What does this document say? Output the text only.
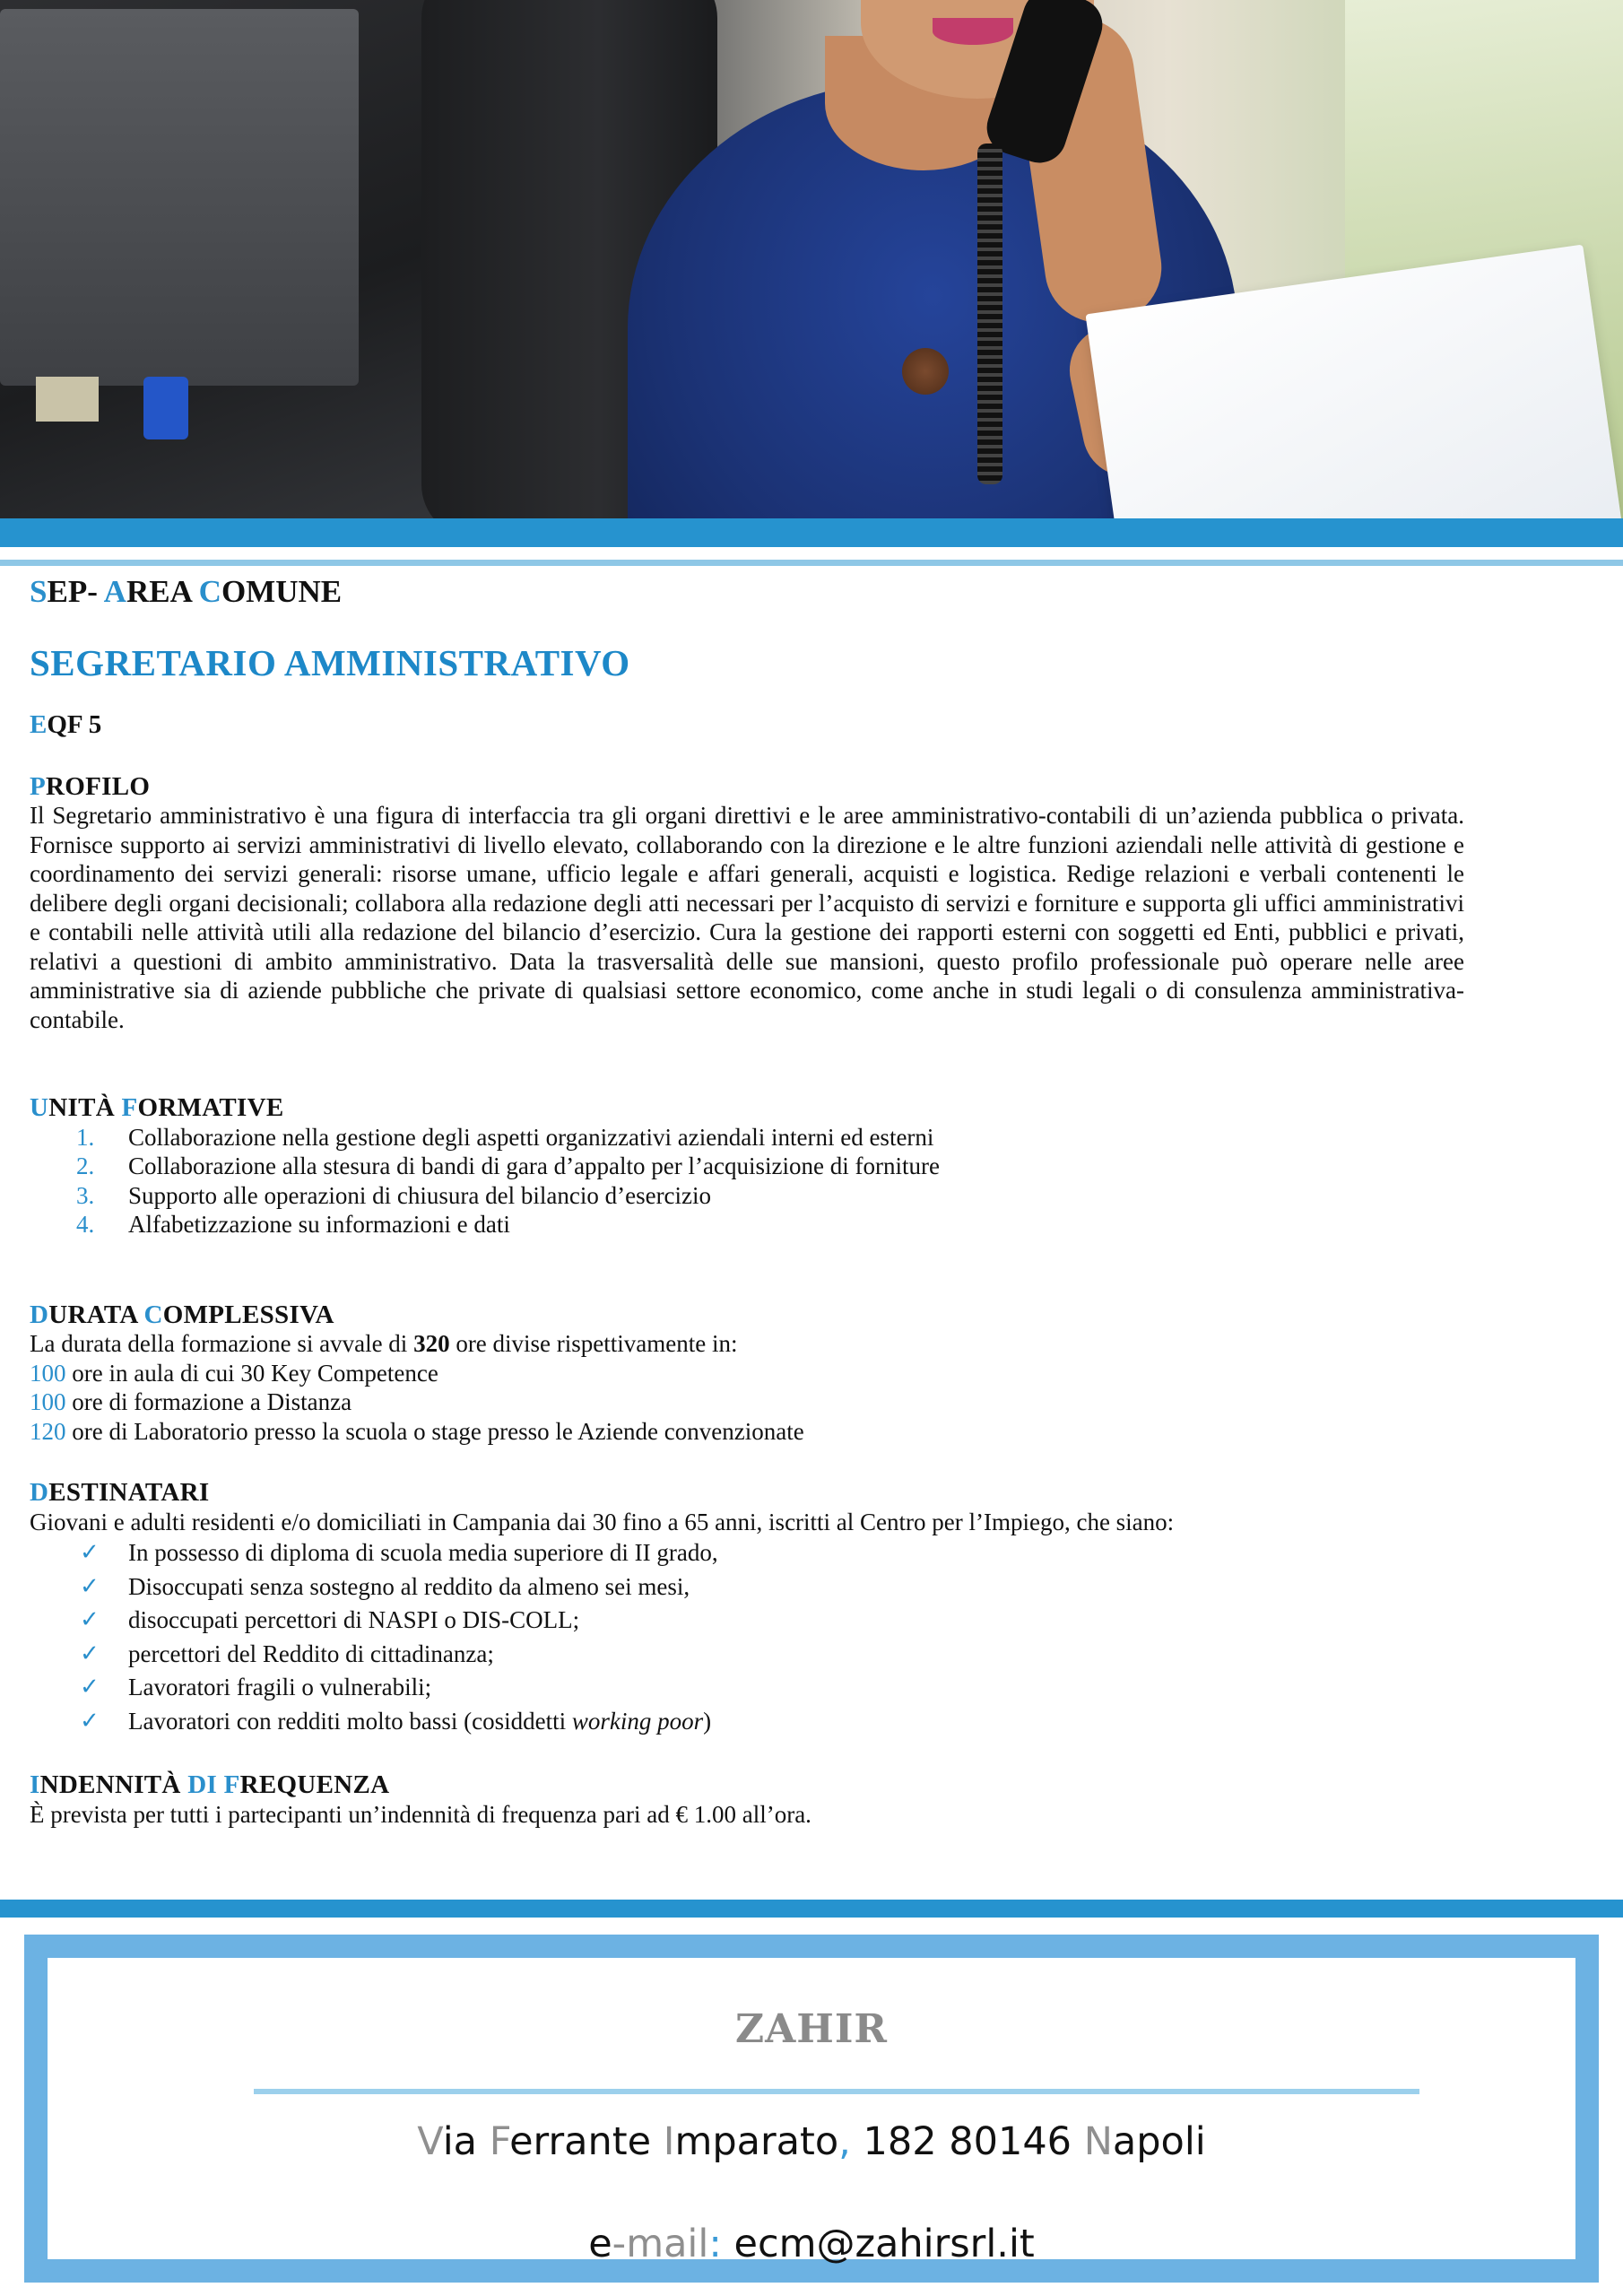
SEP- AREA COMUNE
SEGRETARIO AMMINISTRATIVO
EQF 5
PROFILO

Il Segretario amministrativo è una figura di interfaccia tra gli organi direttivi e le aree amministrativo-contabili di un’azienda pubblica o privata. Fornisce supporto ai servizi amministrativi di livello elevato, collaborando con la direzione e le altre funzioni aziendali nelle attività di gestione e coordinamento dei servizi generali: risorse umane, ufficio legale e affari generali, acquisti e logistica. Redige relazioni e verbali contenenti le delibere degli organi decisionali; collabora alla redazione degli atti necessari per l’acquisto di servizi e forniture e supporta gli uffici amministrativi e contabili nelle attività utili alla redazione del bilancio d’esercizio. Cura la gestione dei rapporti esterni con soggetti ed Enti, pubblici e privati, relativi a questioni di ambito amministrativo. Data la trasversalità delle sue mansioni, questo profilo professionale può operare nelle aree amministrative sia di aziende pubbliche che private di qualsiasi settore economico, come anche in studi legali o di consulenza amministrativa-contabile.

UNITÀ FORMATIVE
1. Collaborazione nella gestione degli aspetti organizzativi aziendali interni ed esterni
2. Collaborazione alla stesura di bandi di gara d’appalto per l’acquisizione di forniture
3. Supporto alle operazioni di chiusura del bilancio d’esercizio
4. Alfabetizzazione su informazioni e dati
DURATA COMPLESSIVA
La durata della formazione si avvale di 320 ore divise rispettivamente in:
100 ore in aula di cui 30 Key Competence
100 ore di formazione a Distanza
120 ore di Laboratorio presso la scuola o stage presso le Aziende convenzionate
DESTINATARI
Giovani e adulti residenti e/o domiciliati in Campania dai 30 fino a 65 anni, iscritti al Centro per l’Impiego, che siano:
✓ In possesso di diploma di scuola media superiore di II grado,
✓ Disoccupati senza sostegno al reddito da almeno sei mesi,
✓ disoccupati percettori di NASPI o DIS-COLL;
✓ percettori del Reddito di cittadinanza;
✓ Lavoratori fragili o vulnerabili;
✓ Lavoratori con redditi molto bassi (cosiddetti working poor)
INDENNITÀ DI FREQUENZA
È prevista per tutti i partecipanti un’indennità di frequenza pari ad € 1.00 all’ora.
ZAHIR
Via Ferrante Imparato, 182 80146 Napoli
e-mail: ecm@zahirsrl.it
